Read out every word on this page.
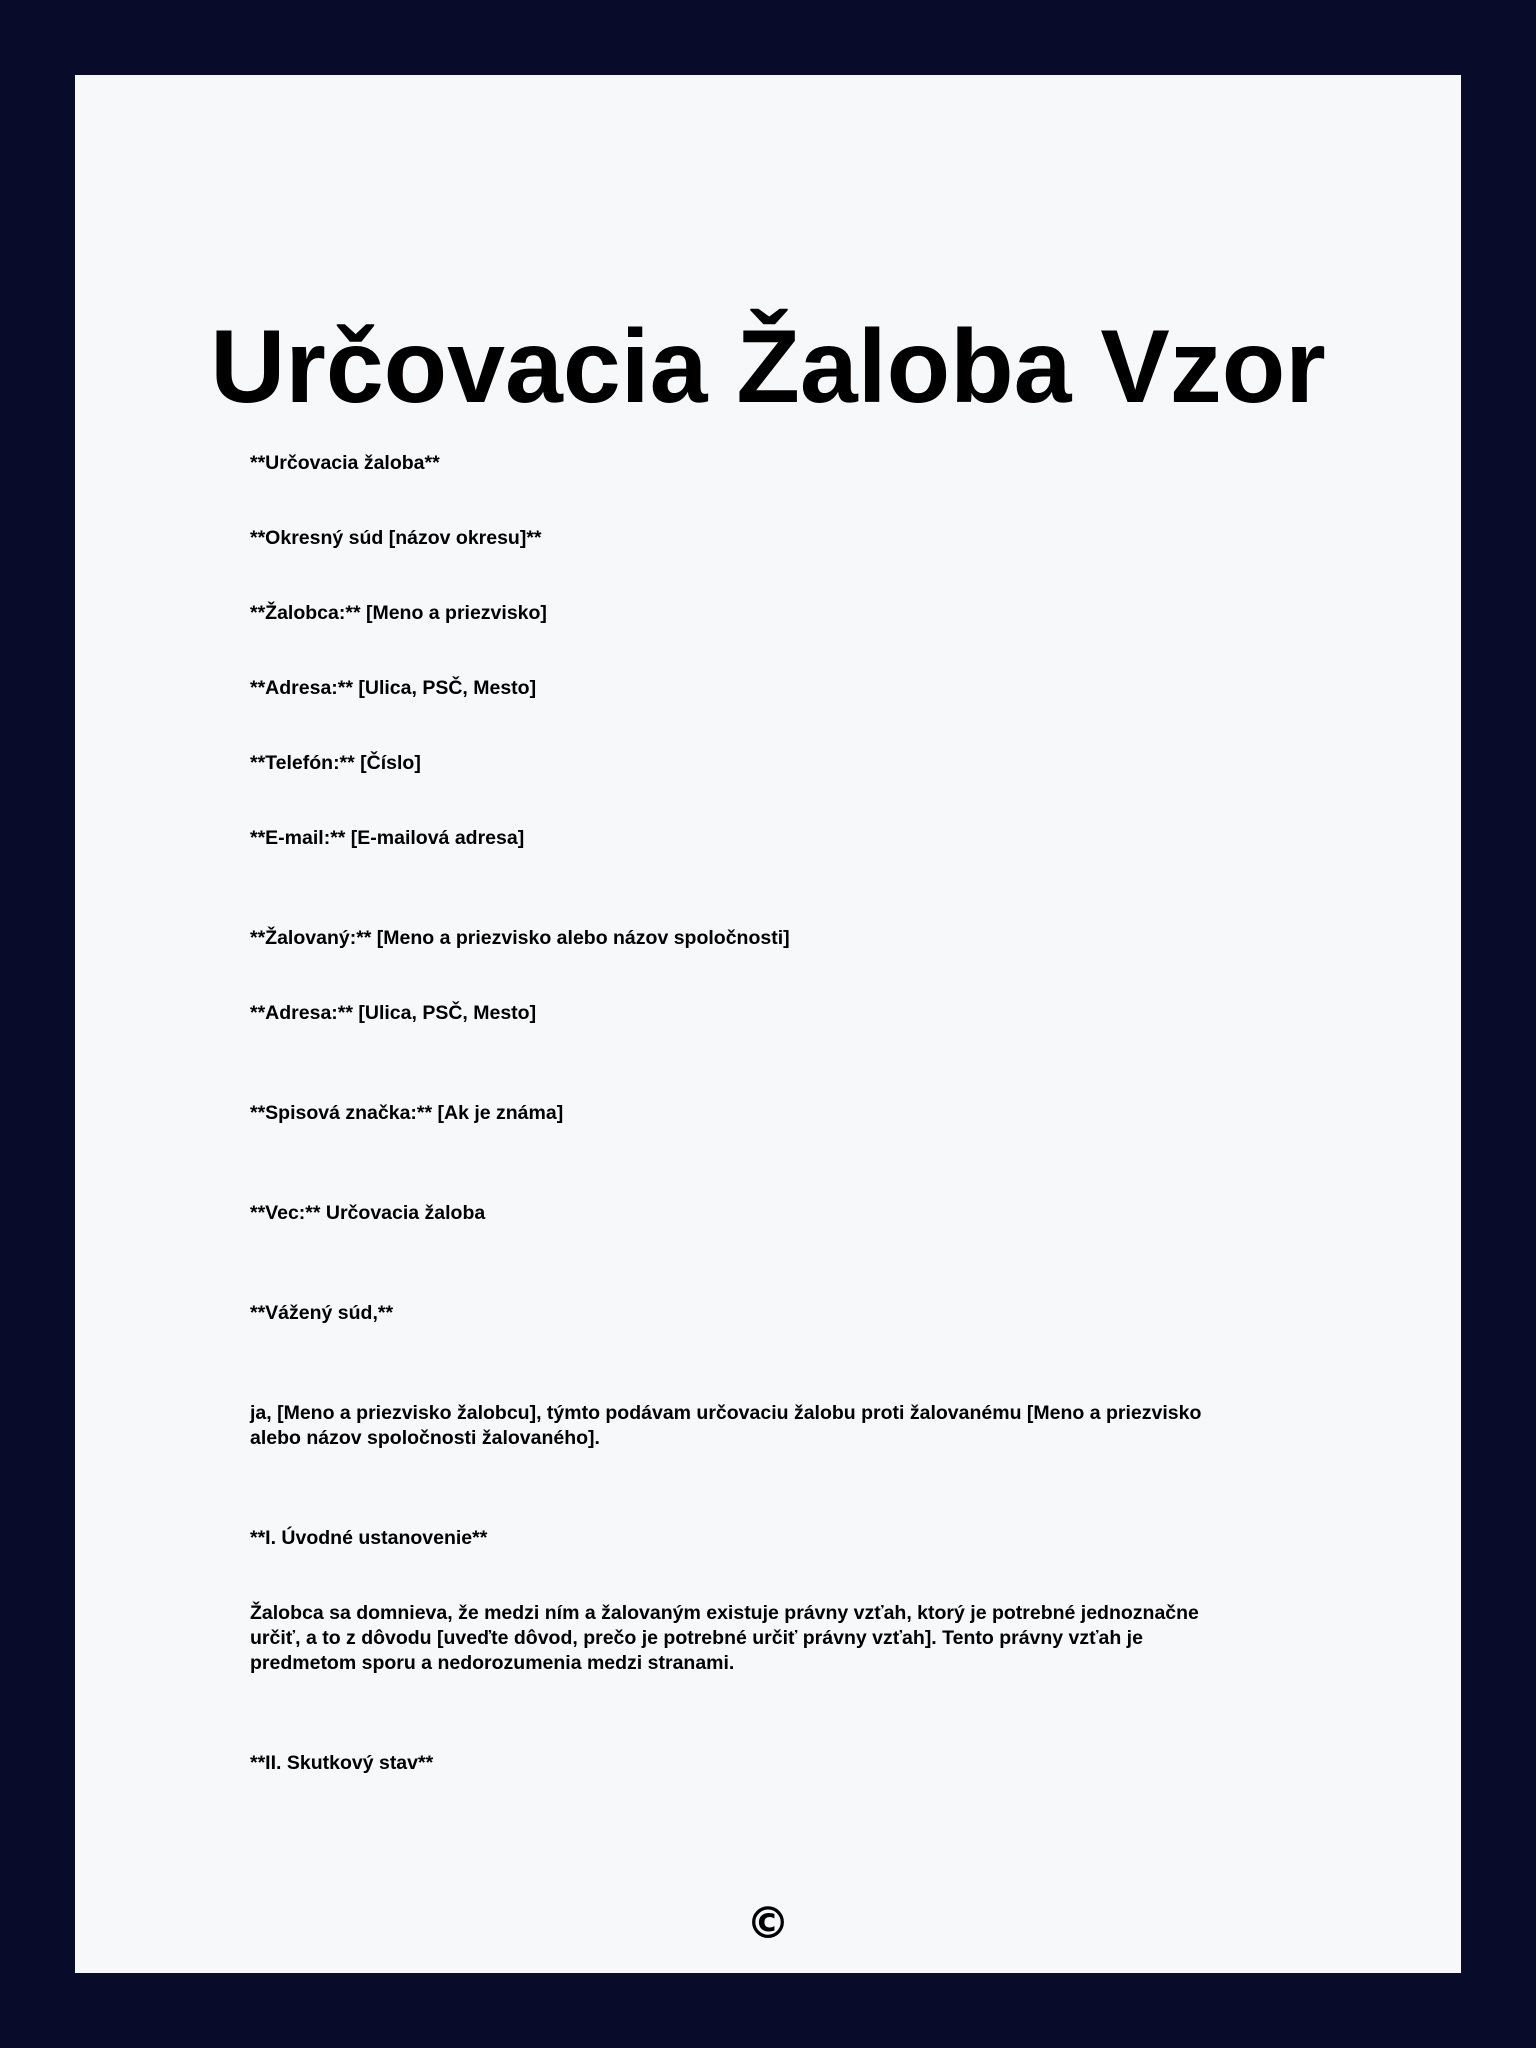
Určovacia Žaloba Vzor

**Určovacia žaloba**

**Okresný súd [názov okresu]**

**Žalobca:** [Meno a priezvisko]

**Adresa:** [Ulica, PSČ, Mesto]

**Telefón:** [Číslo]

**E-mail:** [E-mailová adresa]

**Žalovaný:** [Meno a priezvisko alebo názov spoločnosti]

**Adresa:** [Ulica, PSČ, Mesto]

**Spisová značka:** [Ak je známa]

**Vec:** Určovacia žaloba

**Vážený súd,**

ja, [Meno a priezvisko žalobcu], týmto podávam určovaciu žalobu proti žalovanému [Meno a priezvisko alebo názov spoločnosti žalovaného].

**I. Úvodné ustanovenie**

Žalobca sa domnieva, že medzi ním a žalovaným existuje právny vzťah, ktorý je potrebné jednoznačne určiť, a to z dôvodu [uveďte dôvod, prečo je potrebné určiť právny vzťah]. Tento právny vzťah je predmetom sporu a nedorozumenia medzi stranami.

**II. Skutkový stav**

©
